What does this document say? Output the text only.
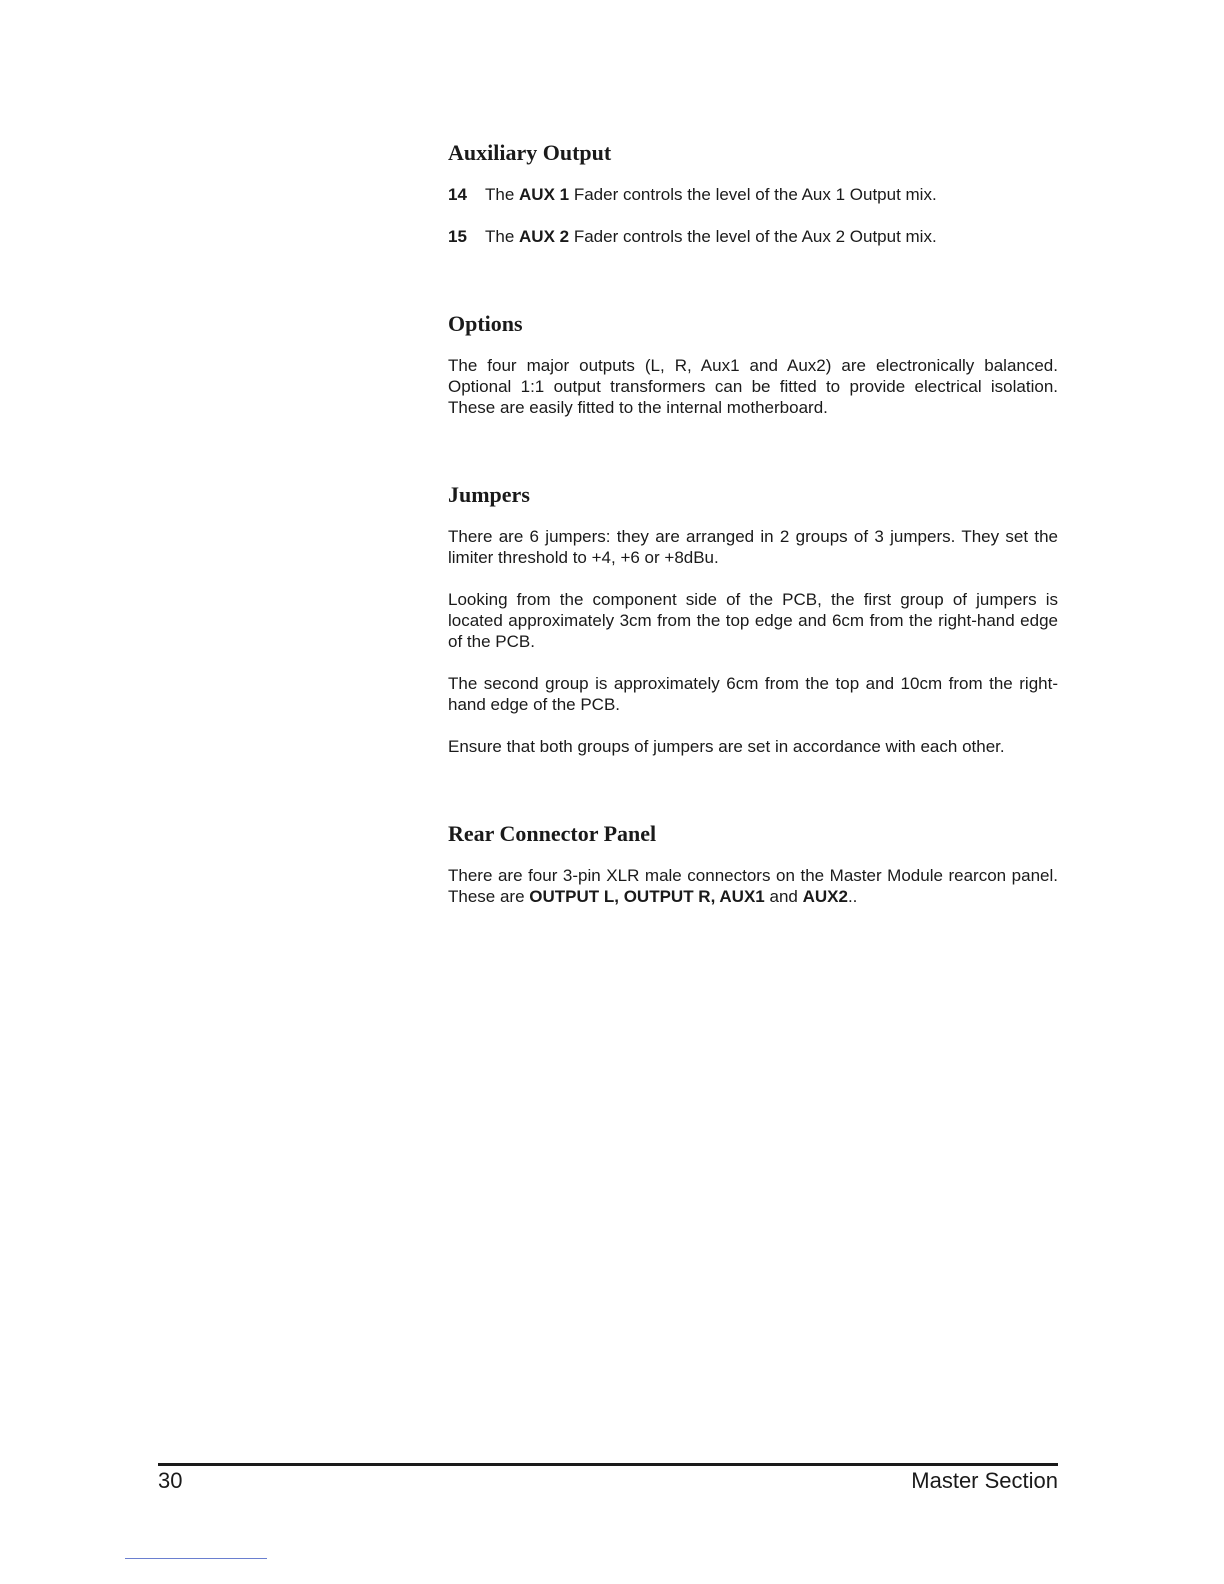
Auxiliary Output
14 The AUX 1 Fader controls the level of the Aux 1 Output mix.
15 The AUX 2 Fader controls the level of the Aux 2 Output mix.
Options

The four major outputs (L, R, Aux1 and Aux2) are electronically balanced. Optional 1:1 output transformers can be fitted to provide electrical isolation. These are easily fitted to the internal motherboard.

Jumpers

There are 6 jumpers: they are arranged in 2 groups of 3 jumpers. They set the limiter threshold to +4, +6 or +8dBu.

Looking from the component side of the PCB, the first group of jumpers is located approximately 3cm from the top edge and 6cm from the right-hand edge of the PCB.

The second group is approximately 6cm from the top and 10cm from the right-hand edge of the PCB.

Ensure that both groups of jumpers are set in accordance with each other.

Rear Connector Panel

There are four 3-pin XLR male connectors on the Master Module rearcon panel. These are OUTPUT L, OUTPUT R, AUX1 and AUX2..

30	Master Section
